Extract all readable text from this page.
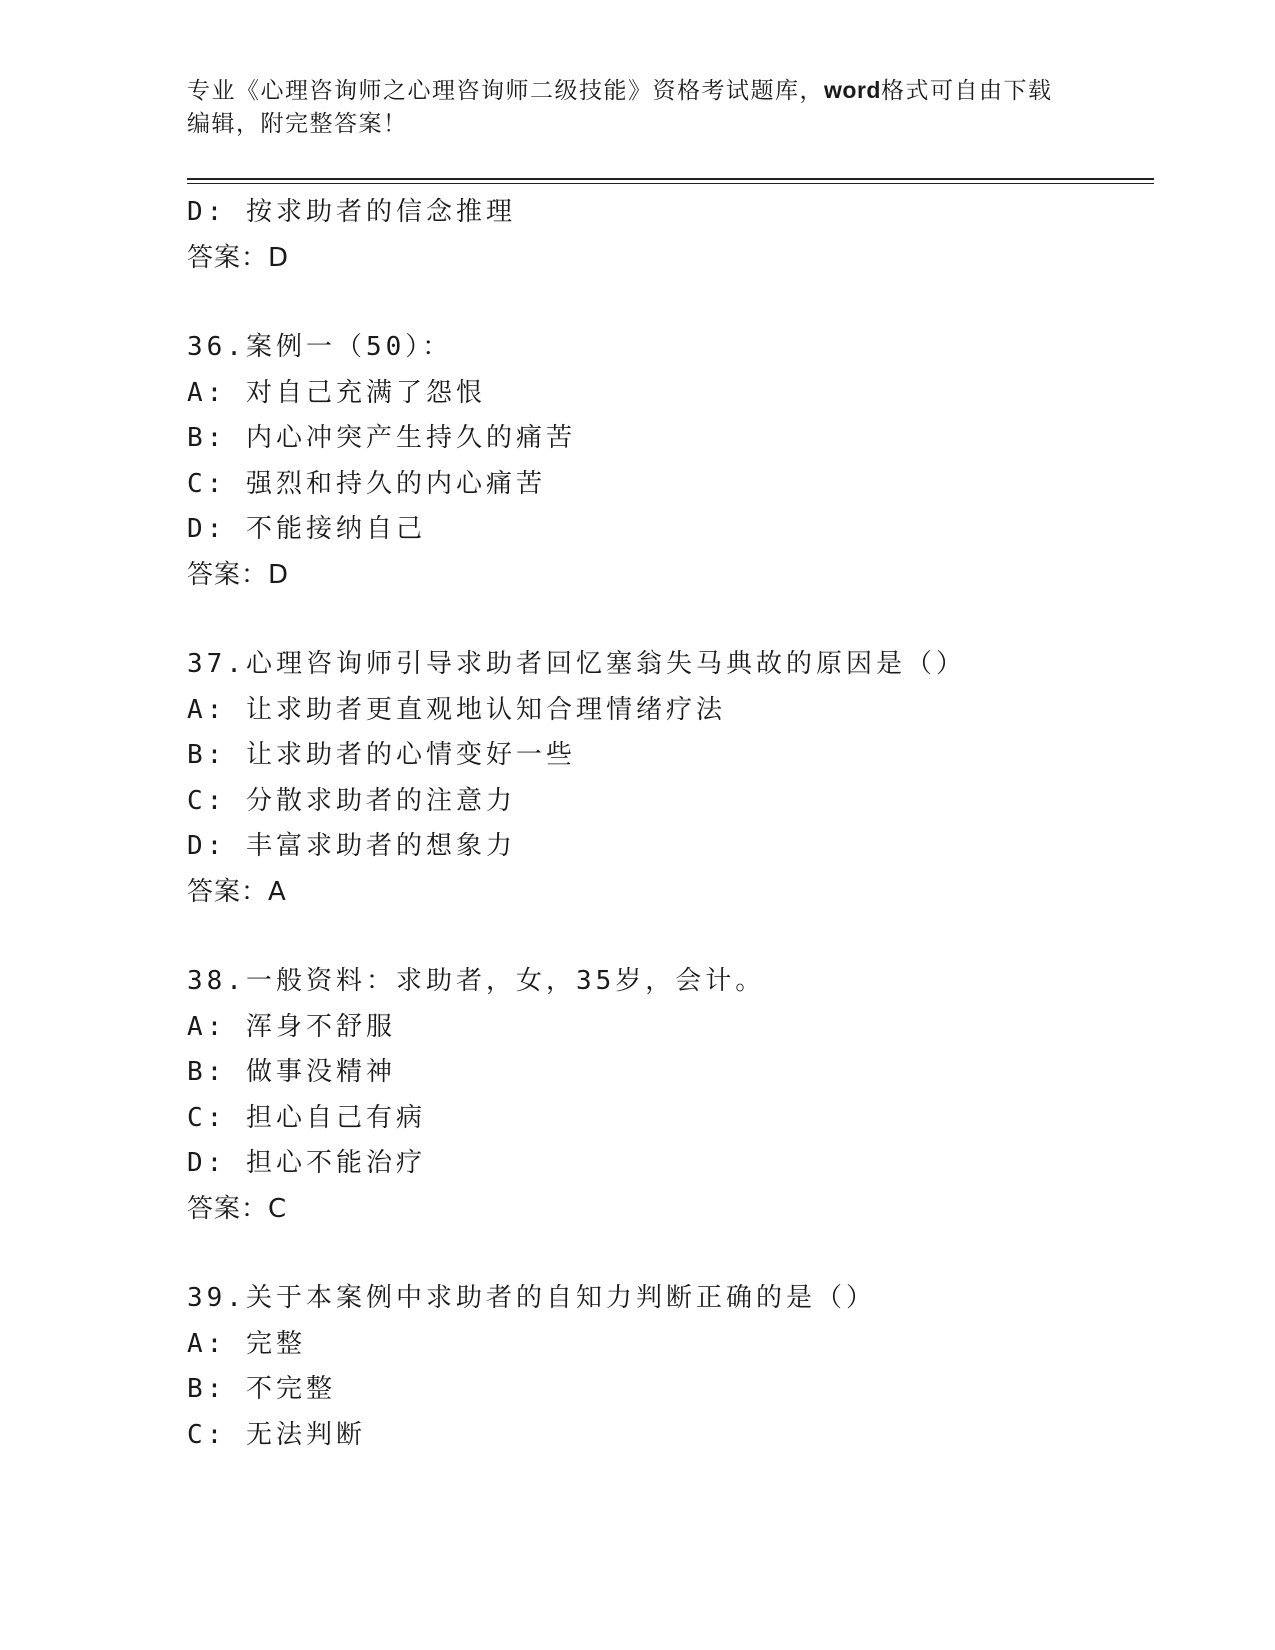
专业《心理咨询师之心理咨询师二级技能》资格考试题库，word格式可自由下载
编辑，附完整答案！
D: 按求助者的信念推理
答案：D
36.案例一（50）：
A: 对自己充满了怨恨
B: 内心冲突产生持久的痛苦
C: 强烈和持久的内心痛苦
D: 不能接纳自己
答案：D
37.心理咨询师引导求助者回忆塞翁失马典故的原因是（）
A: 让求助者更直观地认知合理情绪疗法
B: 让求助者的心情变好一些
C: 分散求助者的注意力
D: 丰富求助者的想象力
答案：A
38.一般资料：求助者，女，35岁，会计。
A: 浑身不舒服
B: 做事没精神
C: 担心自己有病
D: 担心不能治疗
答案：C
39.关于本案例中求助者的自知力判断正确的是（）
A: 完整
B: 不完整
C: 无法判断
